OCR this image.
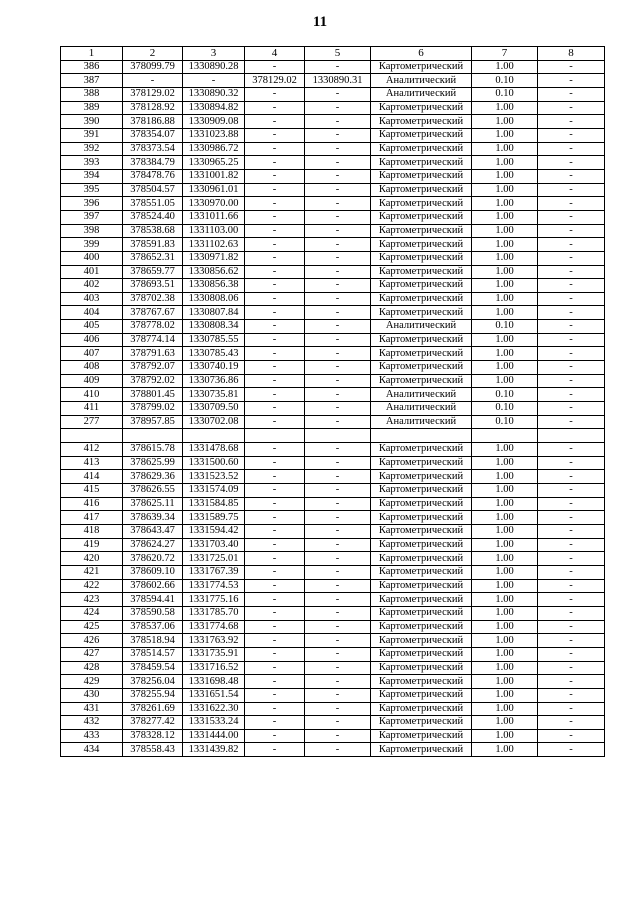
11
1	2	3	4	5	6	7	8
386	378099.79	1330890.28	-	-	Картометрический	1.00	-
387	-	-	378129.02	1330890.31	Аналитический	0.10	-
388	378129.02	1330890.32	-	-	Аналитический	0.10	-
389	378128.92	1330894.82	-	-	Картометрический	1.00	-
390	378186.88	1330909.08	-	-	Картометрический	1.00	-
391	378354.07	1331023.88	-	-	Картометрический	1.00	-
392	378373.54	1330986.72	-	-	Картометрический	1.00	-
393	378384.79	1330965.25	-	-	Картометрический	1.00	-
394	378478.76	1331001.82	-	-	Картометрический	1.00	-
395	378504.57	1330961.01	-	-	Картометрический	1.00	-
396	378551.05	1330970.00	-	-	Картометрический	1.00	-
397	378524.40	1331011.66	-	-	Картометрический	1.00	-
398	378538.68	1331103.00	-	-	Картометрический	1.00	-
399	378591.83	1331102.63	-	-	Картометрический	1.00	-
400	378652.31	1330971.82	-	-	Картометрический	1.00	-
401	378659.77	1330856.62	-	-	Картометрический	1.00	-
402	378693.51	1330856.38	-	-	Картометрический	1.00	-
403	378702.38	1330808.06	-	-	Картометрический	1.00	-
404	378767.67	1330807.84	-	-	Картометрический	1.00	-
405	378778.02	1330808.34	-	-	Аналитический	0.10	-
406	378774.14	1330785.55	-	-	Картометрический	1.00	-
407	378791.63	1330785.43	-	-	Картометрический	1.00	-
408	378792.07	1330740.19	-	-	Картометрический	1.00	-
409	378792.02	1330736.86	-	-	Картометрический	1.00	-
410	378801.45	1330735.81	-	-	Аналитический	0.10	-
411	378799.02	1330709.50	-	-	Аналитический	0.10	-
277	378957.85	1330702.08	-	-	Аналитический	0.10	-

412	378615.78	1331478.68	-	-	Картометрический	1.00	-
413	378625.99	1331500.60	-	-	Картометрический	1.00	-
414	378629.36	1331523.52	-	-	Картометрический	1.00	-
415	378626.55	1331574.09	-	-	Картометрический	1.00	-
416	378625.11	1331584.85	-	-	Картометрический	1.00	-
417	378639.34	1331589.75	-	-	Картометрический	1.00	-
418	378643.47	1331594.42	-	-	Картометрический	1.00	-
419	378624.27	1331703.40	-	-	Картометрический	1.00	-
420	378620.72	1331725.01	-	-	Картометрический	1.00	-
421	378609.10	1331767.39	-	-	Картометрический	1.00	-
422	378602.66	1331774.53	-	-	Картометрический	1.00	-
423	378594.41	1331775.16	-	-	Картометрический	1.00	-
424	378590.58	1331785.70	-	-	Картометрический	1.00	-
425	378537.06	1331774.68	-	-	Картометрический	1.00	-
426	378518.94	1331763.92	-	-	Картометрический	1.00	-
427	378514.57	1331735.91	-	-	Картометрический	1.00	-
428	378459.54	1331716.52	-	-	Картометрический	1.00	-
429	378256.04	1331698.48	-	-	Картометрический	1.00	-
430	378255.94	1331651.54	-	-	Картометрический	1.00	-
431	378261.69	1331622.30	-	-	Картометрический	1.00	-
432	378277.42	1331533.24	-	-	Картометрический	1.00	-
433	378328.12	1331444.00	-	-	Картометрический	1.00	-
434	378558.43	1331439.82	-	-	Картометрический	1.00	-
